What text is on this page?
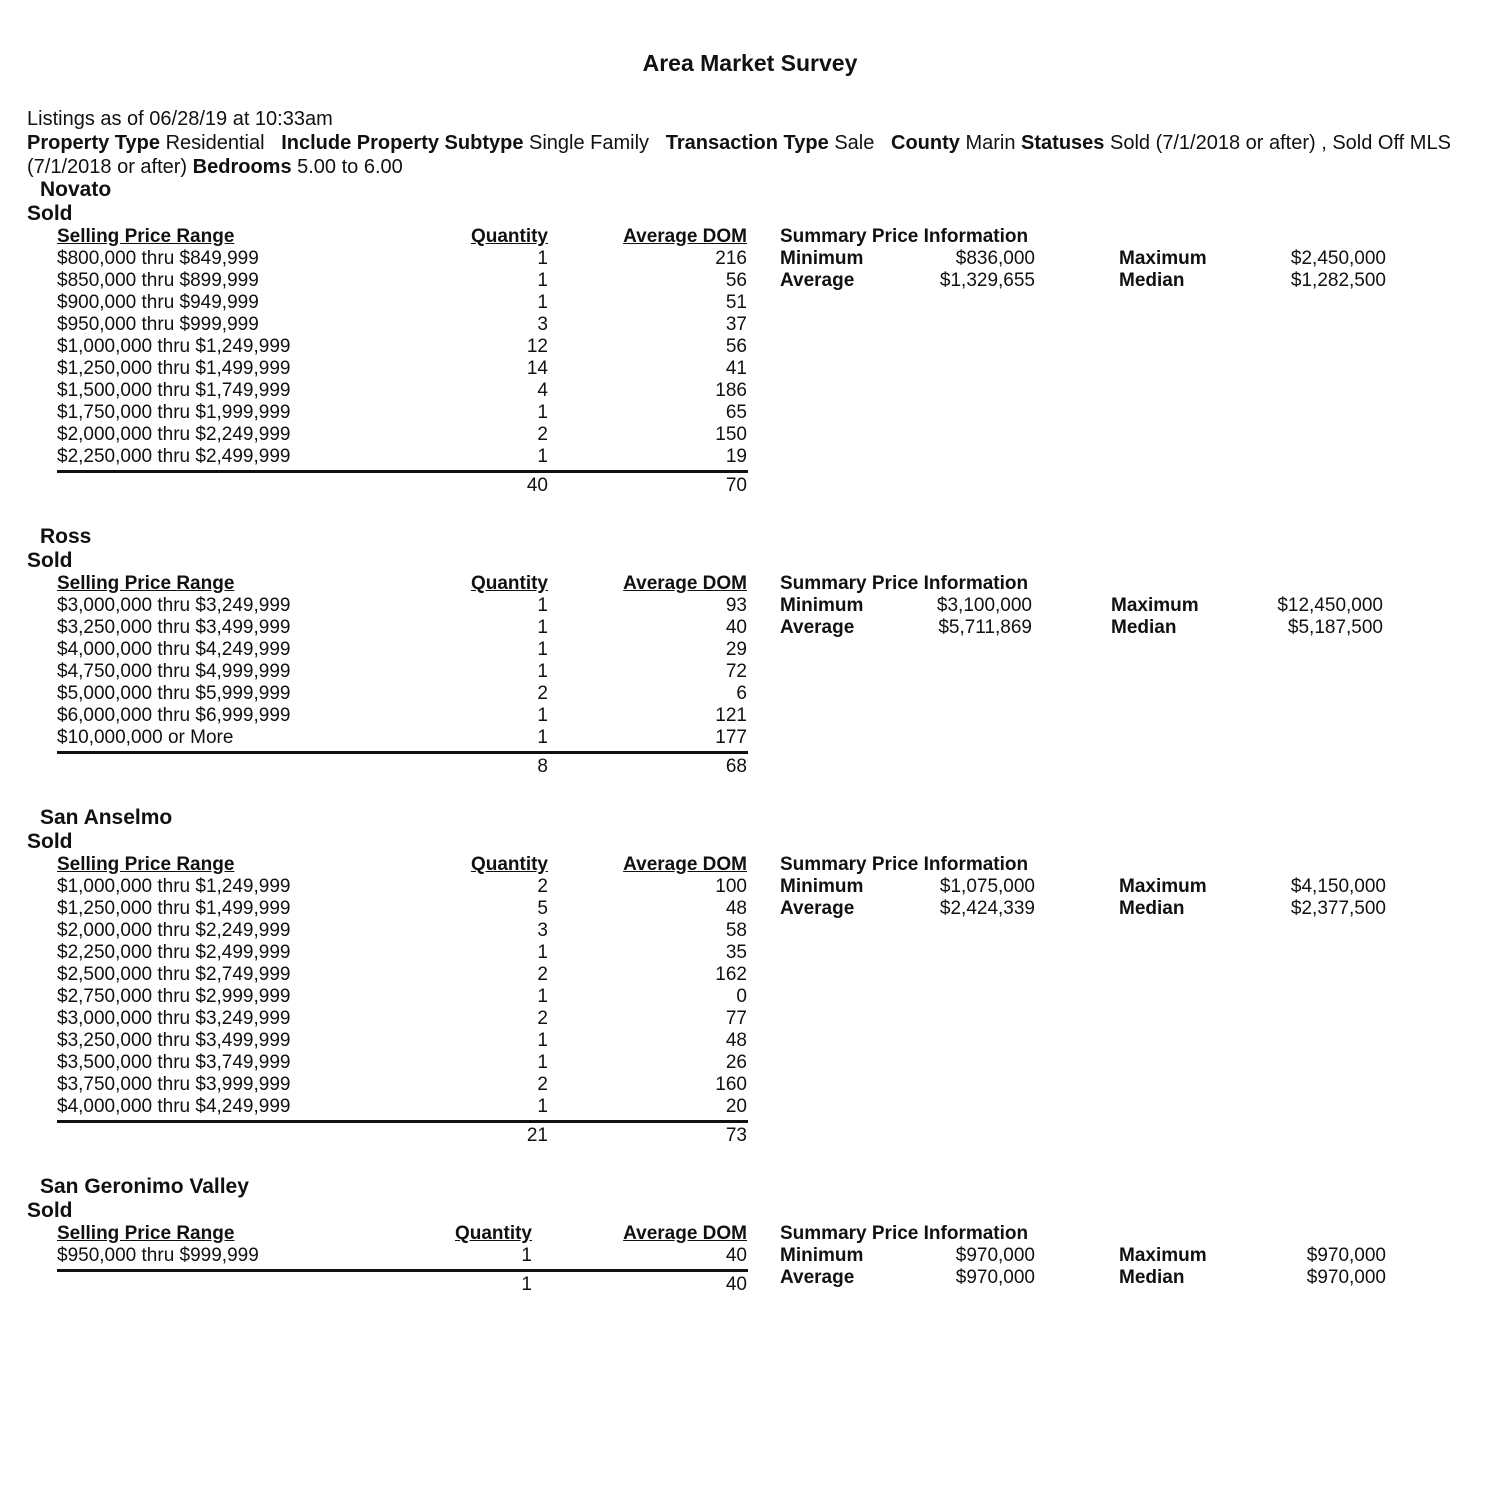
Area Market Survey
Listings as of 06/28/19 at 10:33am
Property Type Residential Include Property Subtype Single Family Transaction Type Sale County Marin Statuses Sold (7/1/2018 or after) , Sold Off MLS (7/1/2018 or after) Bedrooms 5.00 to 6.00
Novato
Sold
Selling Price Range	Quantity	Average DOM Summary Price Information
$800,000 thru $849,999	1	216
$850,000 thru $899,999	1	56
$900,000 thru $949,999	1	51
$950,000 thru $999,999	3	37
$1,000,000 thru $1,249,999	12	56
$1,250,000 thru $1,499,999	14	41
$1,500,000 thru $1,749,999	4	186
$1,750,000 thru $1,999,999	1	65
$2,000,000 thru $2,249,999	2	150
$2,250,000 thru $2,499,999	1	19
40	70
Minimum	$836,000	Maximum	$2,450,000
Average	$1,329,655	Median	$1,282,500
Ross
Sold
Selling Price Range	Quantity	Average DOM Summary Price Information
$3,000,000 thru $3,249,999	1	93
$3,250,000 thru $3,499,999	1	40
$4,000,000 thru $4,249,999	1	29
$4,750,000 thru $4,999,999	1	72
$5,000,000 thru $5,999,999	2	6
$6,000,000 thru $6,999,999	1	121
$10,000,000 or More	1	177
8	68
Minimum	$3,100,000	Maximum	$12,450,000
Average	$5,711,869	Median	$5,187,500
San Anselmo
Sold
Selling Price Range	Quantity	Average DOM Summary Price Information
$1,000,000 thru $1,249,999	2	100
$1,250,000 thru $1,499,999	5	48
$2,000,000 thru $2,249,999	3	58
$2,250,000 thru $2,499,999	1	35
$2,500,000 thru $2,749,999	2	162
$2,750,000 thru $2,999,999	1	0
$3,000,000 thru $3,249,999	2	77
$3,250,000 thru $3,499,999	1	48
$3,500,000 thru $3,749,999	1	26
$3,750,000 thru $3,999,999	2	160
$4,000,000 thru $4,249,999	1	20
21	73
Minimum	$1,075,000	Maximum	$4,150,000
Average	$2,424,339	Median	$2,377,500
San Geronimo Valley
Sold
Selling Price Range	Quantity	Average DOM Summary Price Information
$950,000 thru $999,999	1	40
1	40
Minimum	$970,000	Maximum	$970,000
Average	$970,000	Median	$970,000
